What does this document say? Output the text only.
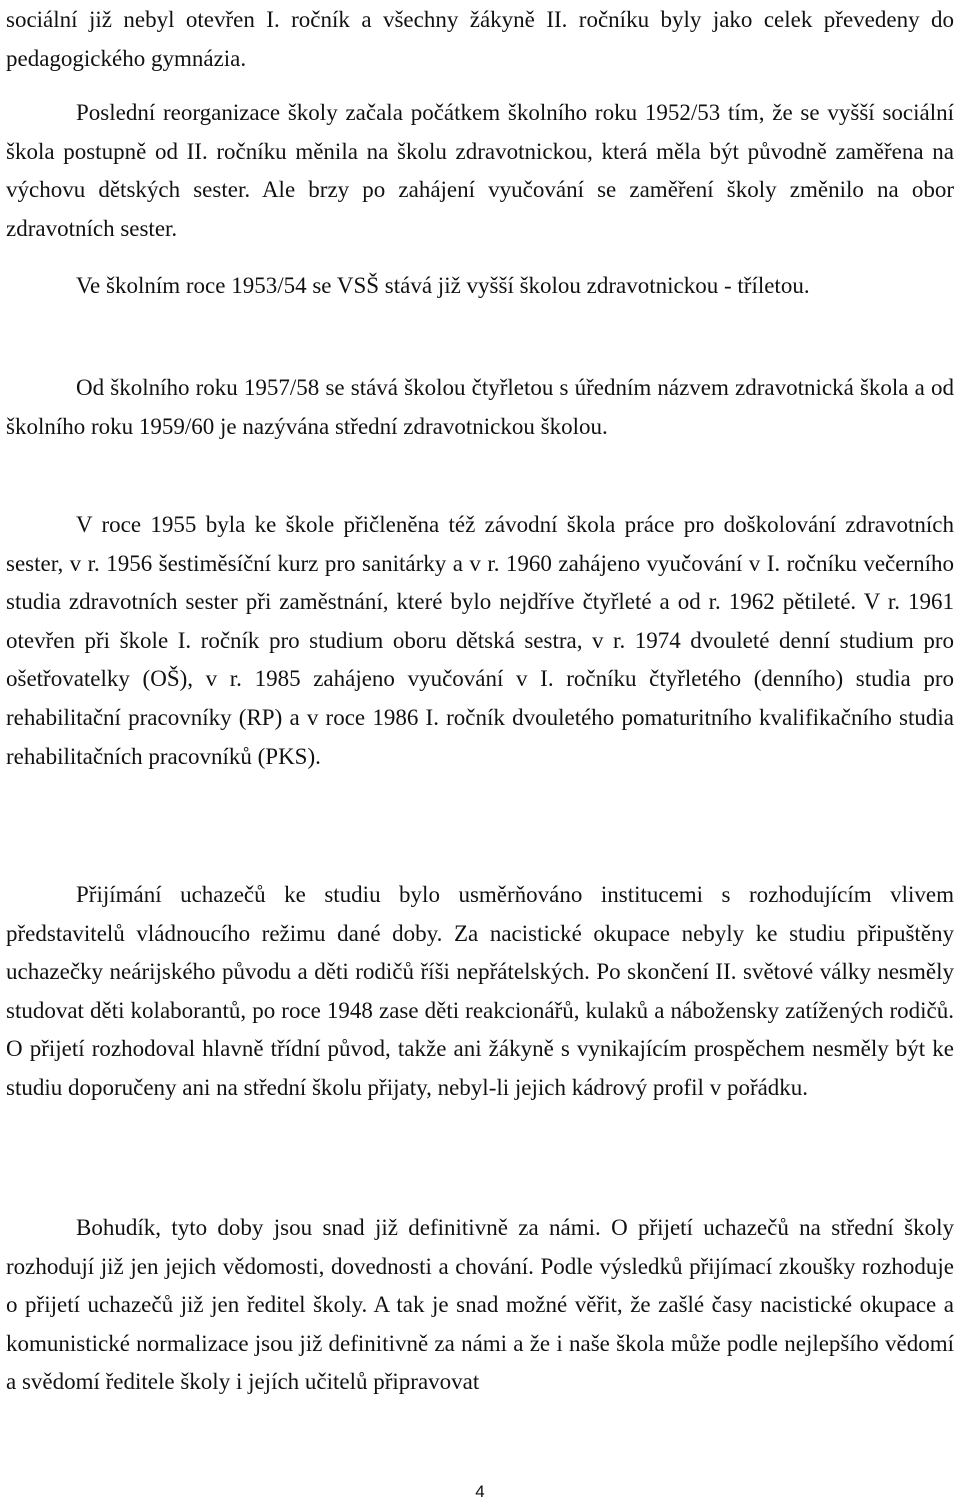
sociální již nebyl otevřen I. ročník a všechny žákyně II. ročníku byly jako celek převedeny do pedagogického gymnázia.

Poslední reorganizace školy začala počátkem školního roku 1952/53 tím, že se vyšší sociální škola postupně od II. ročníku měnila na školu zdravotnickou, která měla být původně zaměřena na výchovu dětských sester. Ale brzy po zahájení vyučování se zaměření školy změnilo na obor zdravotních sester.

Ve školním roce 1953/54 se VSŠ stává již vyšší školou zdravotnickou - tříletou.

Od školního roku 1957/58 se stává školou čtyřletou s úředním názvem zdravotnická škola a od školního roku 1959/60 je nazývána střední zdravotnickou školou.

V roce 1955 byla ke škole přičleněna též závodní škola práce pro doškolování zdravotních sester, v r. 1956 šestiměsíční kurz pro sanitárky a v r. 1960 zahájeno vyučování v I. ročníku večerního studia zdravotních sester při zaměstnání, které bylo nejdříve čtyřleté a od r. 1962 pětileté. V r. 1961 otevřen při škole I. ročník pro studium oboru dětská sestra, v r. 1974 dvouleté denní studium pro ošetřovatelky (OŠ), v r. 1985 zahájeno vyučování v I. ročníku čtyřletého (denního) studia pro rehabilitační pracovníky (RP) a v roce 1986 I. ročník dvouletého pomaturitního kvalifikačního studia rehabilitačních pracovníků (PKS).

Přijímání uchazečů ke studiu bylo usměrňováno institucemi s rozhodujícím vlivem představitelů vládnoucího režimu dané doby. Za nacistické okupace nebyly ke studiu připuštěny uchazečky neárijského původu a děti rodičů říši nepřátelských. Po skončení II. světové války nesměly studovat děti kolaborantů, po roce 1948 zase děti reakcionářů, kulaků a nábožensky zatížených rodičů. O přijetí rozhodoval hlavně třídní původ, takže ani žákyně s vynikajícím prospěchem nesměly být ke studiu doporučeny ani na střední školu přijaty, nebyl-li jejich kádrový profil v pořádku.

Bohudík, tyto doby jsou snad již definitivně za námi. O přijetí uchazečů na střední školy rozhodují již jen jejich vědomosti, dovednosti a chování. Podle výsledků přijímací zkoušky rozhoduje o přijetí uchazečů již jen ředitel školy. A tak je snad možné věřit, že zašlé časy nacistické okupace a komunistické normalizace jsou již definitivně za námi a že i naše škola může podle nejlepšího vědomí a svědomí ředitele školy i jejích učitelů připravovat

4
